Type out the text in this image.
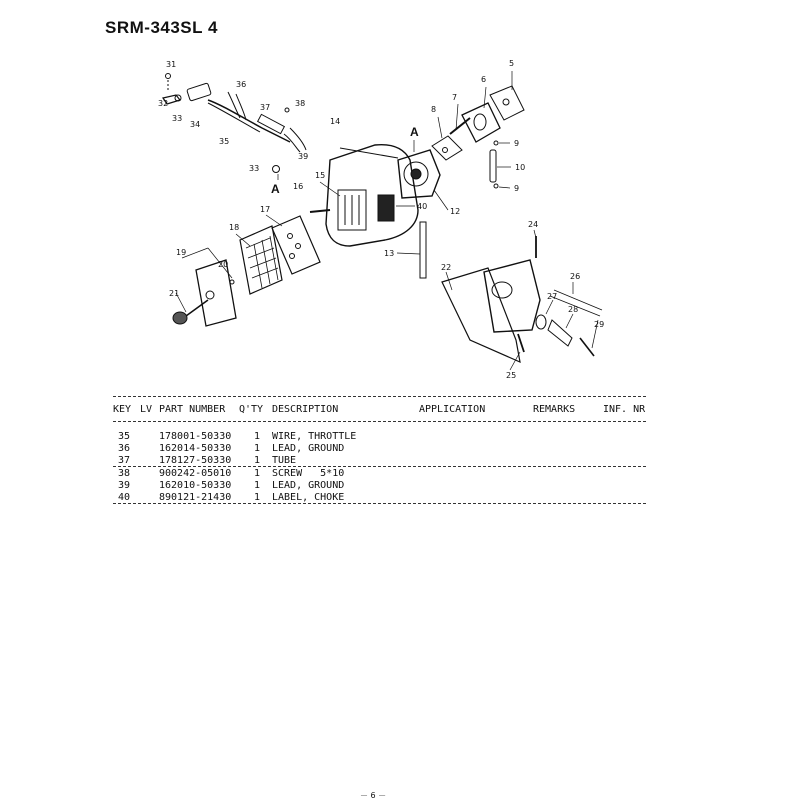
SRM-343SL 4
31
32
33
34
35
36
37	38
39
33
A
14
A
8
7
6
5
9
10
9
15
16
40
12
17
18
19
20
21
13
22
24
26
27
28
29
25
KEY LV PART NUMBER Q'TY DESCRIPTION	APPLICATION	REMARKS	INF. NR
35	178001-50330 1 WIRE, THROTTLE
36	162014-50330 1 LEAD, GROUND
37	178127-50330 1 TUBE
38	900242-05010 1 SCREW   5*10
39	162010-50330 1 LEAD, GROUND
40	890121-21430 1 LABEL, CHOKE
－ 6 －
